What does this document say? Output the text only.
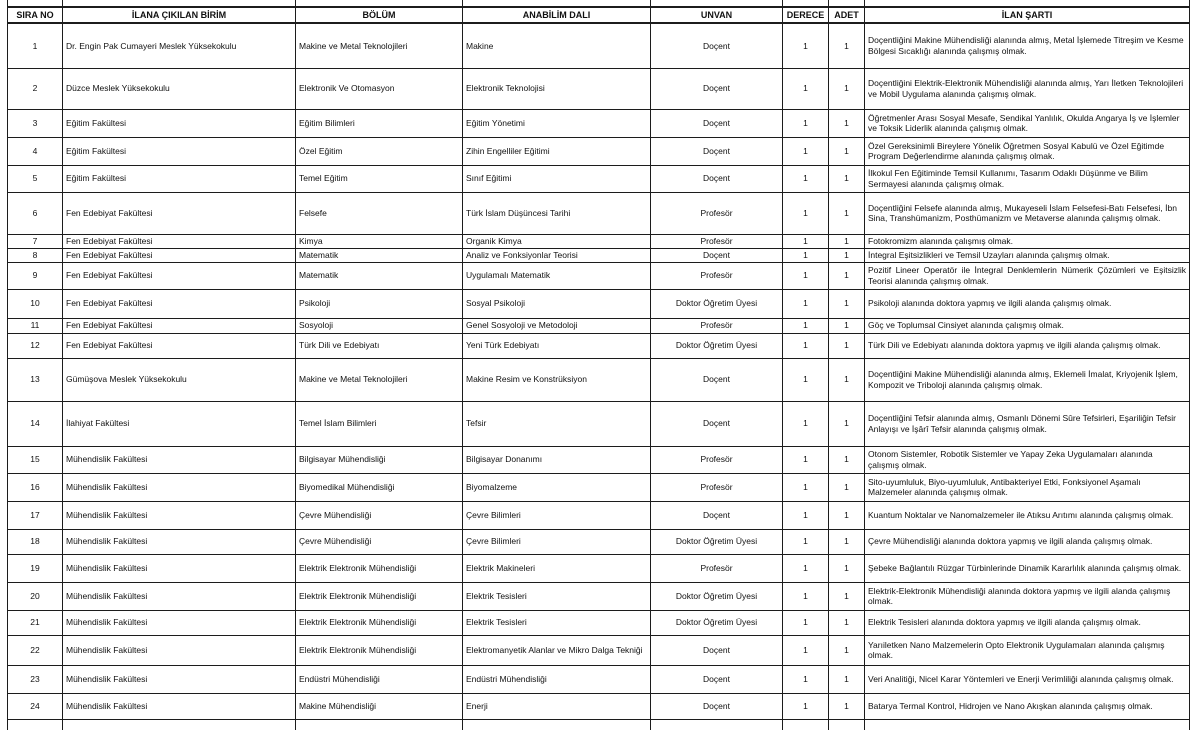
SIRA NO	İLANA ÇIKILAN BİRİM	BÖLÜM	ANABİLİM DALI	UNVAN	DERECE	ADET	İLAN ŞARTI
1	Dr. Engin Pak Cumayeri Meslek Yüksekokulu	Makine ve Metal Teknolojileri	Makine	Doçent	1	1	Doçentliğini Makine Mühendisliği alanında almış, Metal İşlemede Titreşim ve Kesme Bölgesi Sıcaklığı alanında çalışmış olmak.
2	Düzce Meslek Yüksekokulu	Elektronik Ve Otomasyon	Elektronik Teknolojisi	Doçent	1	1	Doçentliğini Elektrik-Elektronik Mühendisliği alanında almış, Yarı İletken Teknolojileri ve Mobil Uygulama alanında çalışmış olmak.
3	Eğitim Fakültesi	Eğitim Bilimleri	Eğitim Yönetimi	Doçent	1	1	Öğretmenler Arası Sosyal Mesafe, Sendikal Yanlılık, Okulda Angarya İş ve İşlemler ve Toksik Liderlik alanında çalışmış olmak.
4	Eğitim Fakültesi	Özel Eğitim	Zihin Engelliler Eğitimi	Doçent	1	1	Özel Gereksinimli Bireylere Yönelik Öğretmen Sosyal Kabulü ve Özel Eğitimde Program Değerlendirme alanında çalışmış olmak.
5	Eğitim Fakültesi	Temel Eğitim	Sınıf Eğitimi	Doçent	1	1	İlkokul Fen Eğitiminde Temsil Kullanımı, Tasarım Odaklı Düşünme ve Bilim Sermayesi alanında çalışmış olmak.
6	Fen Edebiyat Fakültesi	Felsefe	Türk İslam Düşüncesi Tarihi	Profesör	1	1	Doçentliğini Felsefe alanında almış, Mukayeseli İslam Felsefesi-Batı Felsefesi, İbn Sina, Transhümanizm, Posthümanizm ve Metaverse alanında çalışmış olmak.
7	Fen Edebiyat Fakültesi	Kimya	Organik Kimya	Profesör	1	1	Fotokromizm alanında çalışmış olmak.
8	Fen Edebiyat Fakültesi	Matematik	Analiz ve Fonksiyonlar Teorisi	Doçent	1	1	İntegral Eşitsizlikleri ve Temsil Uzayları alanında çalışmış olmak.
9	Fen Edebiyat Fakültesi	Matematik	Uygulamalı Matematik	Profesör	1	1	Pozitif Lineer Operatör ile İntegral Denklemlerin Nümerik Çözümleri ve Eşitsizlik Teorisi alanında çalışmış olmak.
10	Fen Edebiyat Fakültesi	Psikoloji	Sosyal Psikoloji	Doktor Öğretim Üyesi	1	1	Psikoloji alanında doktora yapmış ve ilgili alanda çalışmış olmak.
11	Fen Edebiyat Fakültesi	Sosyoloji	Genel Sosyoloji ve Metodoloji	Profesör	1	1	Göç ve Toplumsal Cinsiyet alanında çalışmış olmak.
12	Fen Edebiyat Fakültesi	Türk Dili ve Edebiyatı	Yeni Türk Edebiyatı	Doktor Öğretim Üyesi	1	1	Türk Dili ve Edebiyatı alanında doktora yapmış ve ilgili alanda çalışmış olmak.
13	Gümüşova Meslek Yüksekokulu	Makine ve Metal Teknolojileri	Makine Resim ve Konstrüksiyon	Doçent	1	1	Doçentliğini Makine Mühendisliği alanında almış, Eklemeli İmalat, Kriyojenik İşlem, Kompozit ve Triboloji alanında çalışmış olmak.
14	İlahiyat Fakültesi	Temel İslam Bilimleri	Tefsir	Doçent	1	1	Doçentliğini Tefsir alanında almış, Osmanlı Dönemi Sûre Tefsirleri, Eşariliğin Tefsir Anlayışı ve İşârî Tefsir alanında çalışmış olmak.
15	Mühendislik Fakültesi	Bilgisayar Mühendisliği	Bilgisayar Donanımı	Profesör	1	1	Otonom Sistemler, Robotik Sistemler ve Yapay Zeka Uygulamaları alanında çalışmış olmak.
16	Mühendislik Fakültesi	Biyomedikal Mühendisliği	Biyomalzeme	Profesör	1	1	Sito-uyumluluk, Biyo-uyumluluk, Antibakteriyel Etki, Fonksiyonel Aşamalı Malzemeler alanında çalışmış olmak.
17	Mühendislik Fakültesi	Çevre Mühendisliği	Çevre Bilimleri	Doçent	1	1	Kuantum Noktalar ve Nanomalzemeler ile Atıksu Arıtımı alanında çalışmış olmak.
18	Mühendislik Fakültesi	Çevre Mühendisliği	Çevre Bilimleri	Doktor Öğretim Üyesi	1	1	Çevre Mühendisliği alanında doktora yapmış ve ilgili alanda çalışmış olmak.
19	Mühendislik Fakültesi	Elektrik Elektronik Mühendisliği	Elektrik Makineleri	Profesör	1	1	Şebeke Bağlantılı Rüzgar Türbinlerinde Dinamik Kararlılık alanında çalışmış olmak.
20	Mühendislik Fakültesi	Elektrik Elektronik Mühendisliği	Elektrik Tesisleri	Doktor Öğretim Üyesi	1	1	Elektrik-Elektronik Mühendisliği alanında doktora yapmış ve ilgili alanda çalışmış olmak.
21	Mühendislik Fakültesi	Elektrik Elektronik Mühendisliği	Elektrik Tesisleri	Doktor Öğretim Üyesi	1	1	Elektrik Tesisleri alanında doktora yapmış ve ilgili alanda çalışmış olmak.
22	Mühendislik Fakültesi	Elektrik Elektronik Mühendisliği	Elektromanyetik Alanlar ve Mikro Dalga Tekniği	Doçent	1	1	Yarıiletken Nano Malzemelerin Opto Elektronik Uygulamaları alanında çalışmış olmak.
23	Mühendislik Fakültesi	Endüstri Mühendisliği	Endüstri Mühendisliği	Doçent	1	1	Veri Analitiği, Nicel Karar Yöntemleri ve Enerji Verimliliği alanında çalışmış olmak.
24	Mühendislik Fakültesi	Makine Mühendisliği	Enerji	Doçent	1	1	Batarya Termal Kontrol, Hidrojen ve Nano Akışkan alanında çalışmış olmak.
